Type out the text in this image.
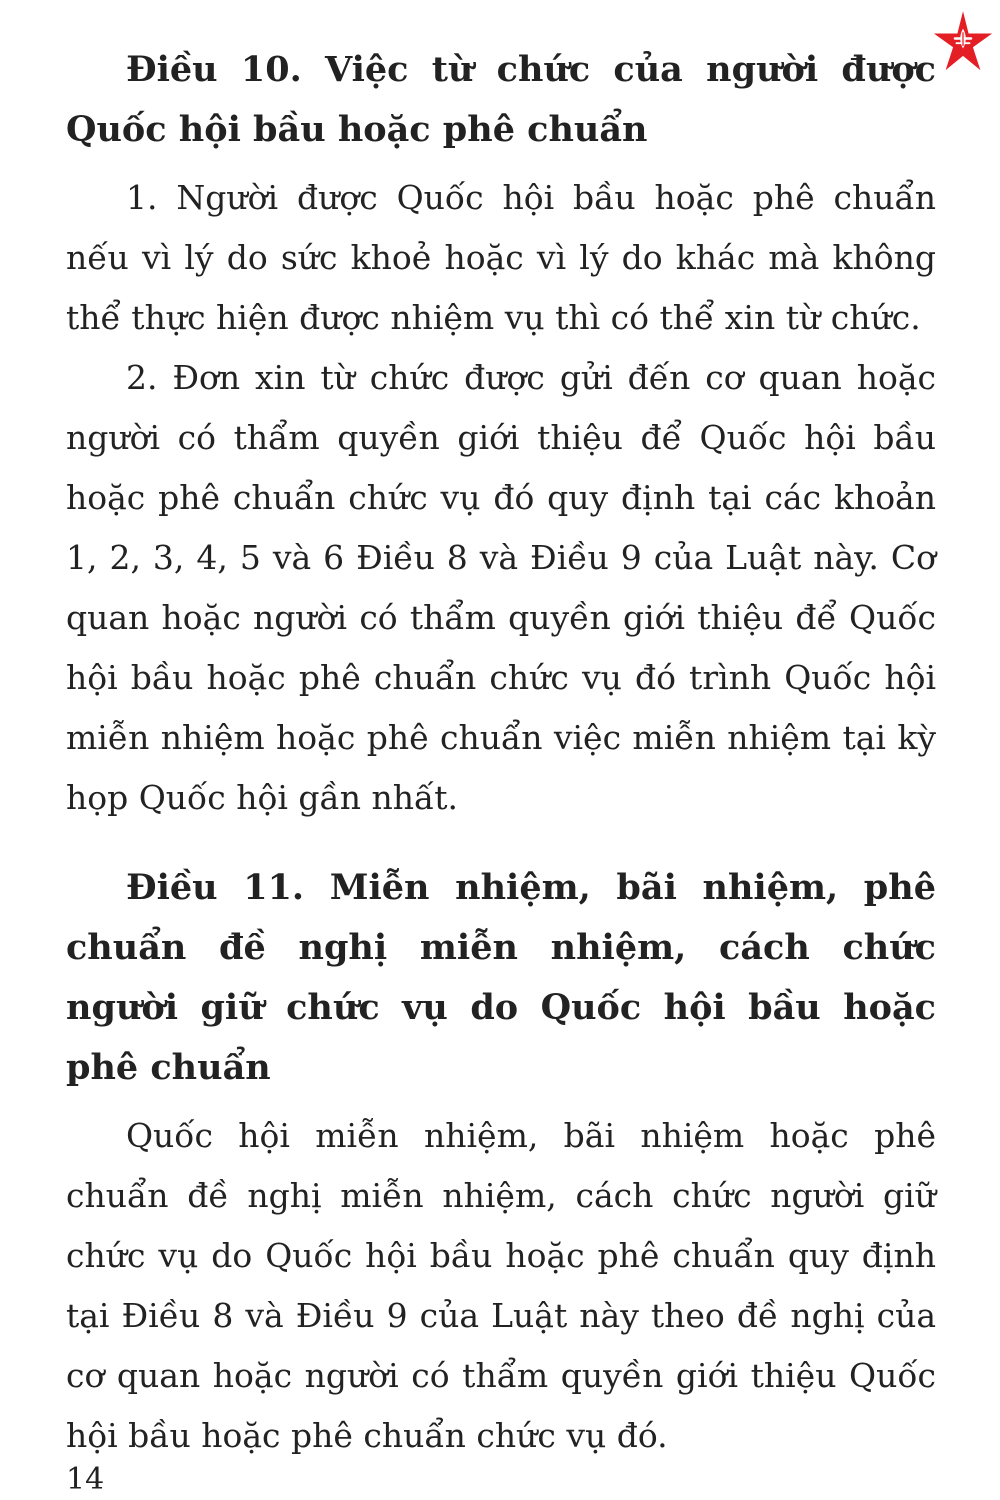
Điều 10. Việc từ chức của người được Quốc hội bầu hoặc phê chuẩn

1. Người được Quốc hội bầu hoặc phê chuẩn nếu vì lý do sức khoẻ hoặc vì lý do khác mà không thể thực hiện được nhiệm vụ thì có thể xin từ chức.

2. Đơn xin từ chức được gửi đến cơ quan hoặc người có thẩm quyền giới thiệu để Quốc hội bầu hoặc phê chuẩn chức vụ đó quy định tại các khoản 1, 2, 3, 4, 5 và 6 Điều 8 và Điều 9 của Luật này. Cơ quan hoặc người có thẩm quyền giới thiệu để Quốc hội bầu hoặc phê chuẩn chức vụ đó trình Quốc hội miễn nhiệm hoặc phê chuẩn việc miễn nhiệm tại kỳ họp Quốc hội gần nhất.

Điều 11. Miễn nhiệm, bãi nhiệm, phê chuẩn đề nghị miễn nhiệm, cách chức người giữ chức vụ do Quốc hội bầu hoặc phê chuẩn

Quốc hội miễn nhiệm, bãi nhiệm hoặc phê chuẩn đề nghị miễn nhiệm, cách chức người giữ chức vụ do Quốc hội bầu hoặc phê chuẩn quy định tại Điều 8 và Điều 9 của Luật này theo đề nghị của cơ quan hoặc người có thẩm quyền giới thiệu Quốc hội bầu hoặc phê chuẩn chức vụ đó.

14
